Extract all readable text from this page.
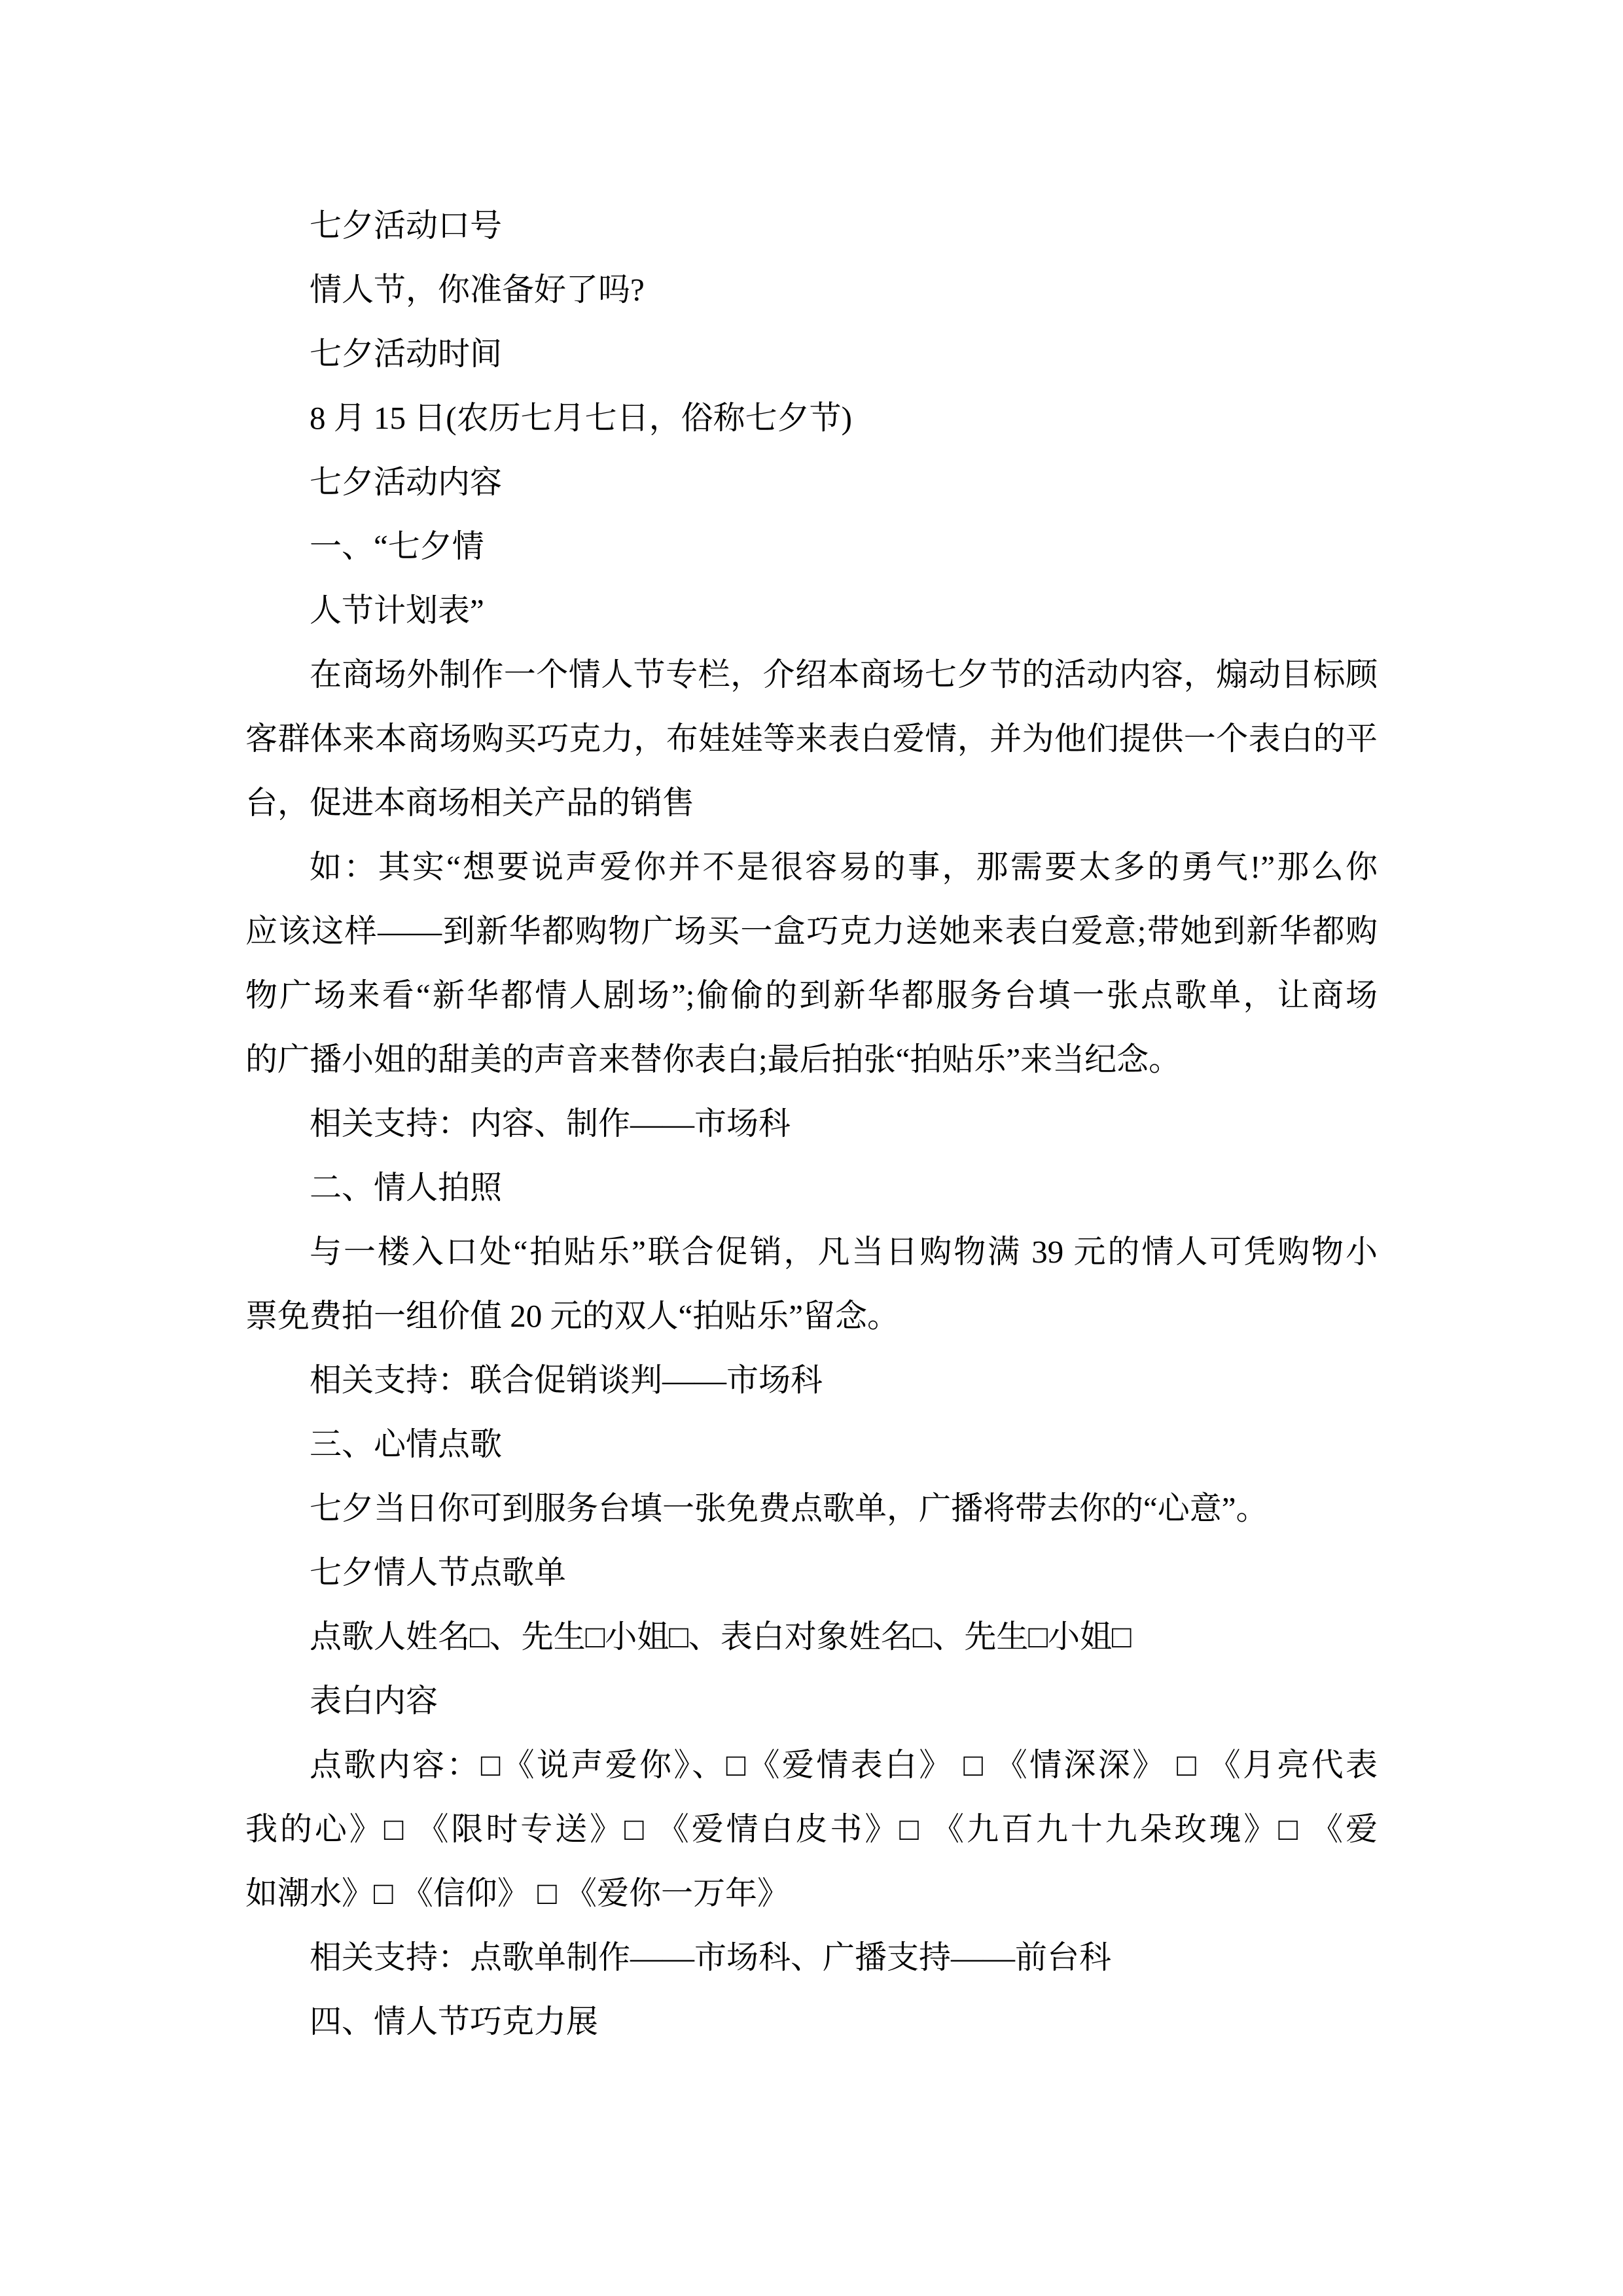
七夕活动口号
情人节，你准备好了吗?
七夕活动时间
8 月 15 日(农历七月七日，俗称七夕节)
七夕活动内容
一、“七夕情
人节计划表”
在商场外制作一个情人节专栏，介绍本商场七夕节的活动内容，煽动目标顾
客群体来本商场购买巧克力，布娃娃等来表白爱情，并为他们提供一个表白的平
台，促进本商场相关产品的销售
如：其实“想要说声爱你并不是很容易的事，那需要太多的勇气!”那么你
应该这样——到新华都购物广场买一盒巧克力送她来表白爱意;带她到新华都购
物广场来看“新华都情人剧场”;偷偷的到新华都服务台填一张点歌单，让商场
的广播小姐的甜美的声音来替你表白;最后拍张“拍贴乐”来当纪念。
相关支持：内容、制作——市场科
二、情人拍照
与一楼入口处“拍贴乐”联合促销，凡当日购物满 39 元的情人可凭购物小
票免费拍一组价值 20 元的双人“拍贴乐”留念。
相关支持：联合促销谈判——市场科
三、心情点歌
七夕当日你可到服务台填一张免费点歌单，广播将带去你的“心意”。
七夕情人节点歌单
点歌人姓名□、先生□小姐□、表白对象姓名□、先生□小姐□
表白内容
点歌内容：□《说声爱你》、□《爱情表白》 □ 《情深深》 □ 《月亮代表
我的心》□ 《限时专送》□ 《爱情白皮书》□ 《九百九十九朵玫瑰》□ 《爱
如潮水》□ 《信仰》 □ 《爱你一万年》
相关支持：点歌单制作——市场科、广播支持——前台科
四、情人节巧克力展
